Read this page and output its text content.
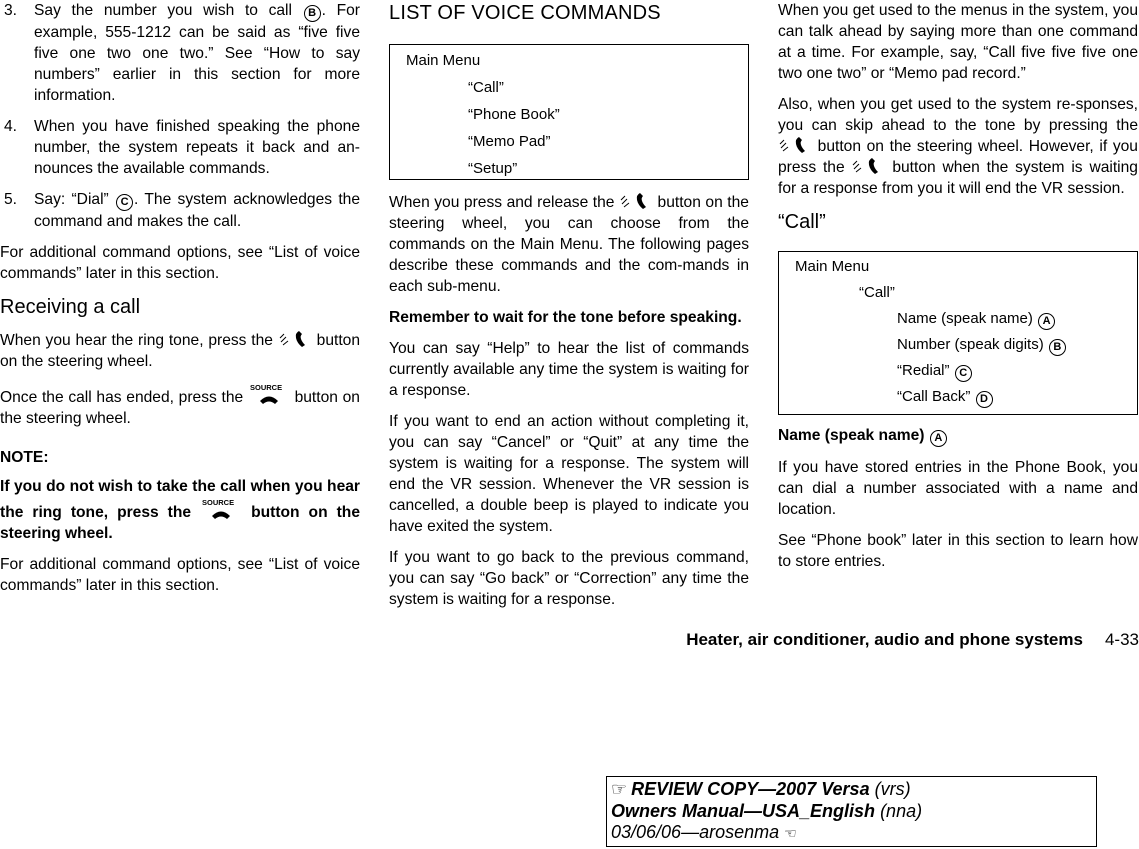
3.	Say the number you wish to call B . For example, 555-1212 can be said as “five five five one two one two.” See “How to say numbers” earlier in this section for more information.
4.	When you have finished speaking the phone number, the system repeats it back and an-nounces the available commands.
5.	Say: “Dial” C . The system acknowledges the command and makes the call.

For additional command options, see “List of voice commands” later in this section.

Receiving a call

When you hear the ring tone, press the	button on the steering wheel.

Once the call has ended, press the
SOURCE
button on the steering wheel.

NOTE:

If you do not wish to take the call when you hear the ring tone, press the
SOURCE
button on the steering wheel.

For additional command options, see “List of voice commands” later in this section.

LIST OF VOICE COMMANDS
Main Menu
“Call”
“Phone Book”
“Memo Pad”
“Setup”

When you press and release the	button on the steering wheel, you can choose from the commands on the Main Menu. The following pages describe these commands and the com-mands in each sub-menu.

Remember to wait for the tone before speaking.

You can say “Help” to hear the list of commands currently available any time the system is waiting for a response.

If you want to end an action without completing it, you can say “Cancel” or “Quit” at any time the system is waiting for a response. The system will end the VR session. Whenever the VR session is cancelled, a double beep is played to indicate you have exited the system.

If you want to go back to the previous command, you can say “Go back” or “Correction” any time the system is waiting for a response.

When you get used to the menus in the system, you can talk ahead by saying more than one command at a time. For example, say, “Call five five five one two one two” or “Memo pad record.”

Also, when you get used to the system re-sponses, you can skip ahead to the tone by pressing the  button on the steering wheel. However, if you press the	button when the system is waiting for a response from you it will end the VR session.

“Call”
Main Menu
“Call”
Name (speak name) A
Number (speak digits) B
“Redial” C
“Call Back” D

Name (speak name) A

If you have stored entries in the Phone Book, you can dial a number associated with a name and location.

See “Phone book” later in this section to learn how to store entries.

Heater, air conditioner, audio and phone systems 4-33
☞ REVIEW COPY—2007 Versa (vrs)
Owners Manual—USA_English (nna)
03/06/06—arosenma ☜
